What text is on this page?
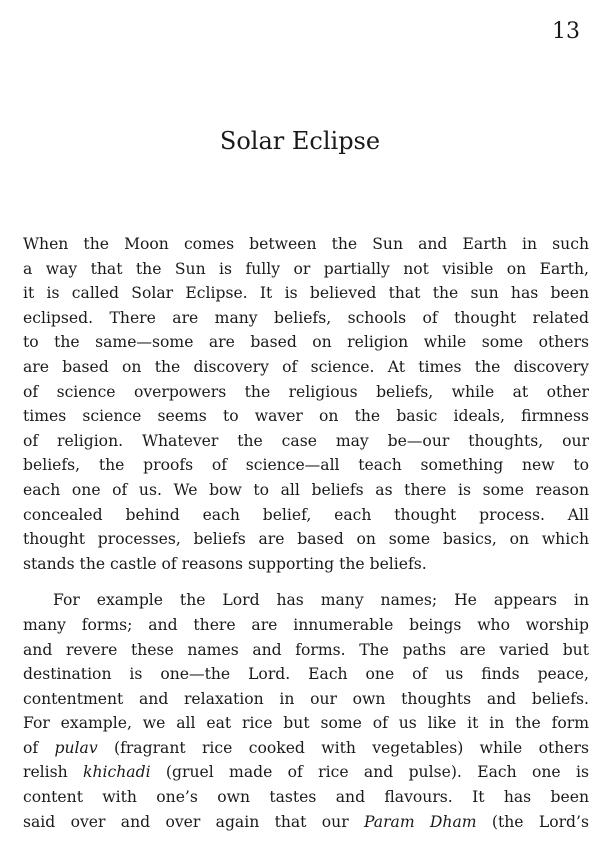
13
Solar Eclipse

When the Moon comes between the Sun and Earth in such
a way that the Sun is fully or partially not visible on Earth,
it is called Solar Eclipse. It is believed that the sun has been
eclipsed. There are many beliefs, schools of thought related
to the same—some are based on religion while some others
are based on the discovery of science. At times the discovery
of science overpowers the religious beliefs, while at other
times science seems to waver on the basic ideals, firmness
of religion. Whatever the case may be—our thoughts, our
beliefs, the proofs of science—all teach something new to
each one of us. We bow to all beliefs as there is some reason
concealed behind each belief, each thought process. All
thought processes, beliefs are based on some basics, on which
stands the castle of reasons supporting the beliefs.

For example the Lord has many names; He appears in
many forms; and there are innumerable beings who worship
and revere these names and forms. The paths are varied but
destination is one—the Lord. Each one of us finds peace,
contentment and relaxation in our own thoughts and beliefs.
For example, we all eat rice but some of us like it in the form
of pulav (fragrant rice cooked with vegetables) while others
relish khichadi (gruel made of rice and pulse). Each one is
content with one’s own tastes and flavours. It has been
said over and over again that our Param Dham (the Lord’s
